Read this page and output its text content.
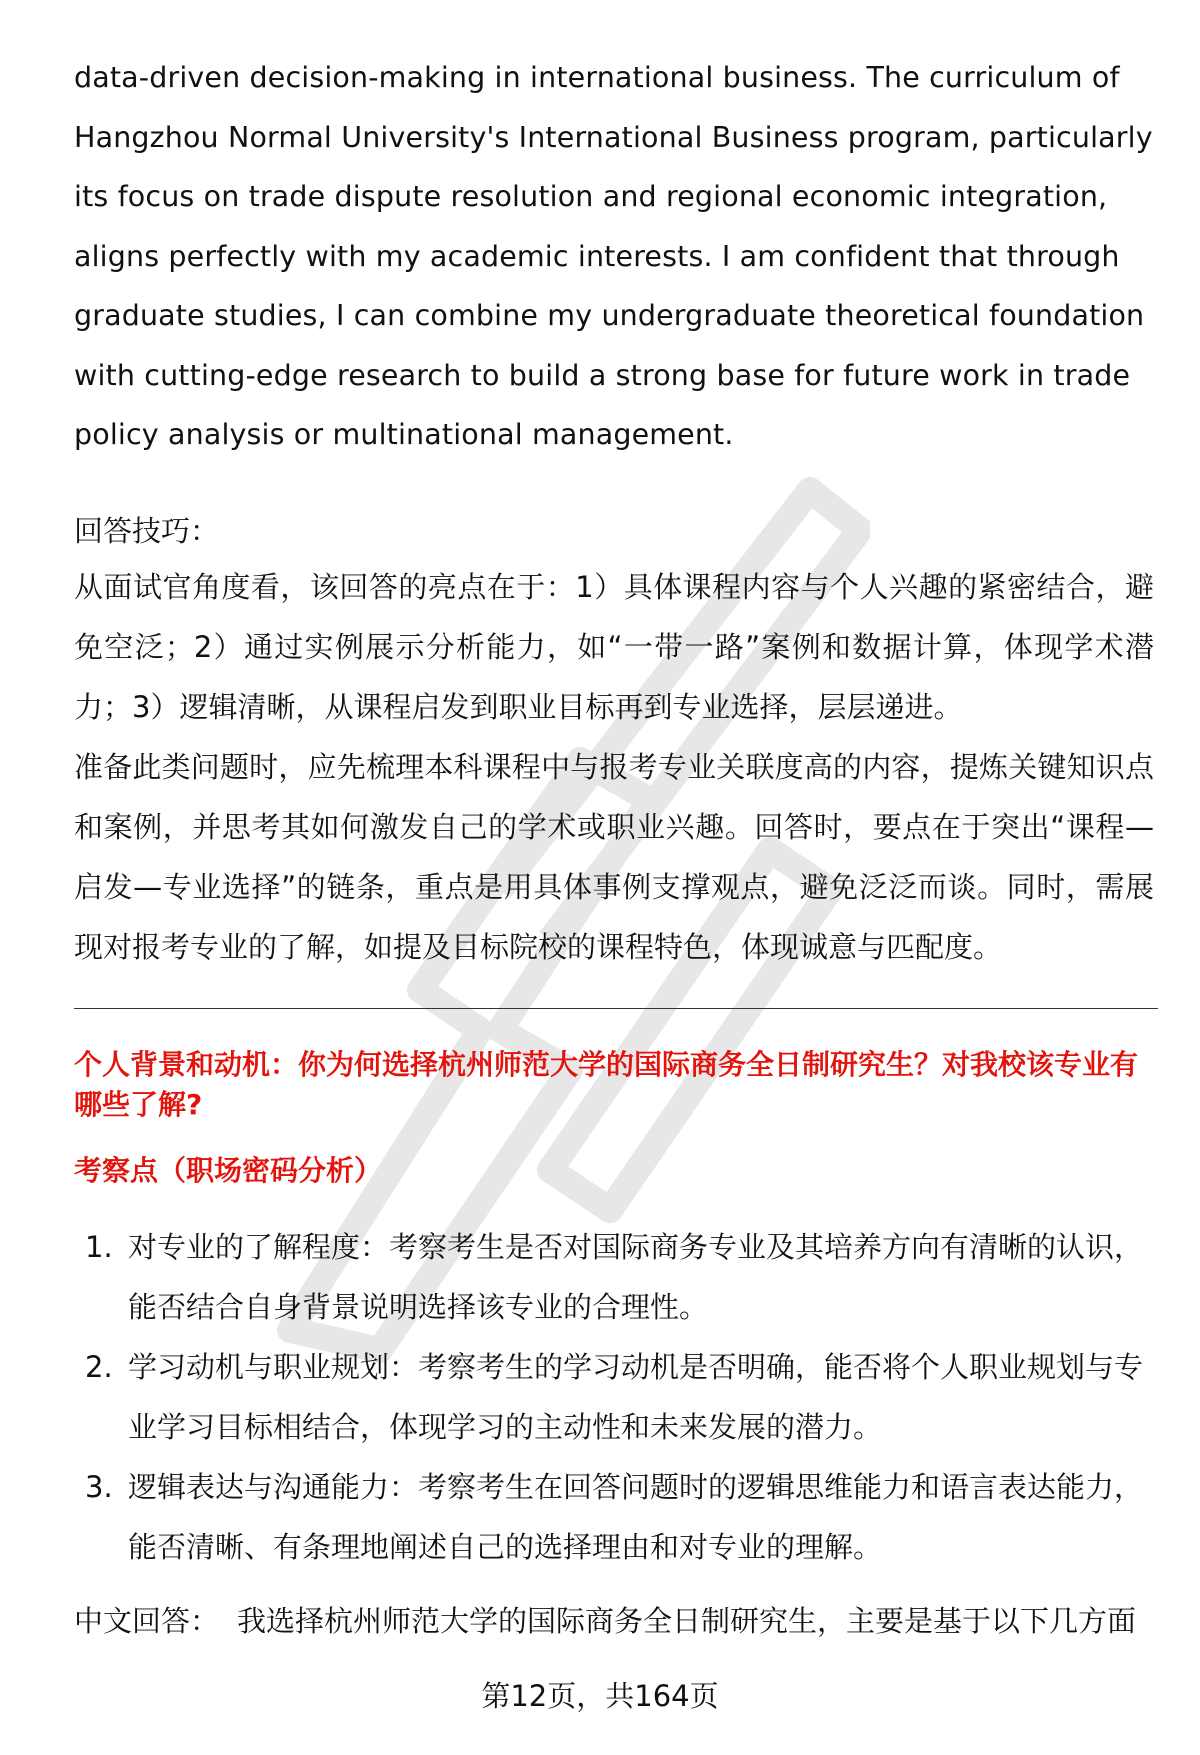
data-driven decision-making in international business. The curriculum of Hangzhou Normal University's International Business program, particularly its focus on trade dispute resolution and regional economic integration, aligns perfectly with my academic interests. I am confident that through graduate studies, I can combine my undergraduate theoretical foundation with cutting-edge research to build a strong base for future work in trade policy analysis or multinational management.

回答技巧：

从面试官角度看，该回答的亮点在于：1）具体课程内容与个人兴趣的紧密结合，避免空泛；2）通过实例展示分析能力，如“一带一路”案例和数据计算，体现学术潜力；3）逻辑清晰，从课程启发到职业目标再到专业选择，层层递进。

准备此类问题时，应先梳理本科课程中与报考专业关联度高的内容，提炼关键知识点和案例，并思考其如何激发自己的学术或职业兴趣。回答时，要点在于突出“课程—启发—专业选择”的链条，重点是用具体事例支撑观点，避免泛泛而谈。同时，需展现对报考专业的了解，如提及目标院校的课程特色，体现诚意与匹配度。

个人背景和动机：你为何选择杭州师范大学的国际商务全日制研究生？对我校该专业有哪些了解?
考察点（职场密码分析）
1. 对专业的了解程度：考察考生是否对国际商务专业及其培养方向有清晰的认识，能否结合自身背景说明选择该专业的合理性。
2. 学习动机与职业规划：考察考生的学习动机是否明确，能否将个人职业规划与专业学习目标相结合，体现学习的主动性和未来发展的潜力。
3. 逻辑表达与沟通能力：考察考生在回答问题时的逻辑思维能力和语言表达能力，能否清晰、有条理地阐述自己的选择理由和对专业的理解。
中文回答： 我选择杭州师范大学的国际商务全日制研究生，主要是基于以下几方面
第12页，共164页
